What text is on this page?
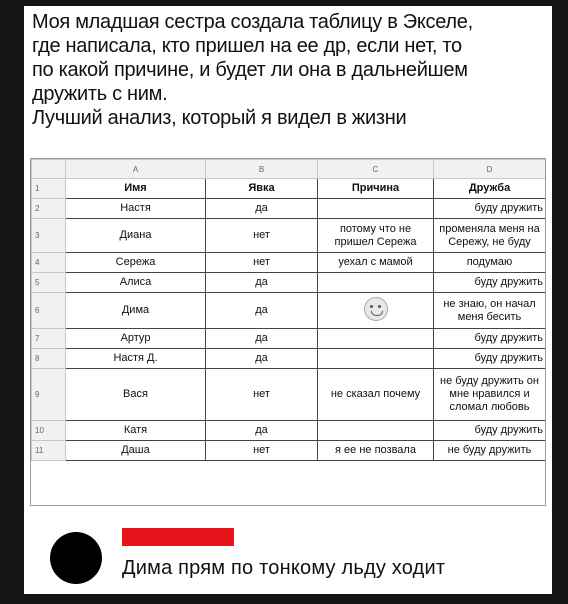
Моя младшая сестра создала таблицу в Экселе,
где написала, кто пришел на ее др, если нет, то
по какой причине, и будет ли она в дальнейшем
дружить с ним.
Лучший анализ, который я видел в жизни
	A	B	C	D
1	Имя	Явка	Причина	Дружба
2	Настя	да		буду дружить
3	Диана	нет	потому что не пришел Сережа	променяла меня на Сережу, не буду
4	Сережа	нет	уехал с мамой	подумаю
5	Алиса	да		буду дружить
6	Дима	да		не знаю, он начал меня бесить
7	Артур	да		буду дружить
8	Настя Д.	да		буду дружить
9	Вася	нет	не сказал почему	не буду дружить он мне нравился и сломал любовь
10	Катя	да		буду дружить
11	Даша	нет	я ее не позвала	не буду дружить
Дима прям по тонкому льду ходит
